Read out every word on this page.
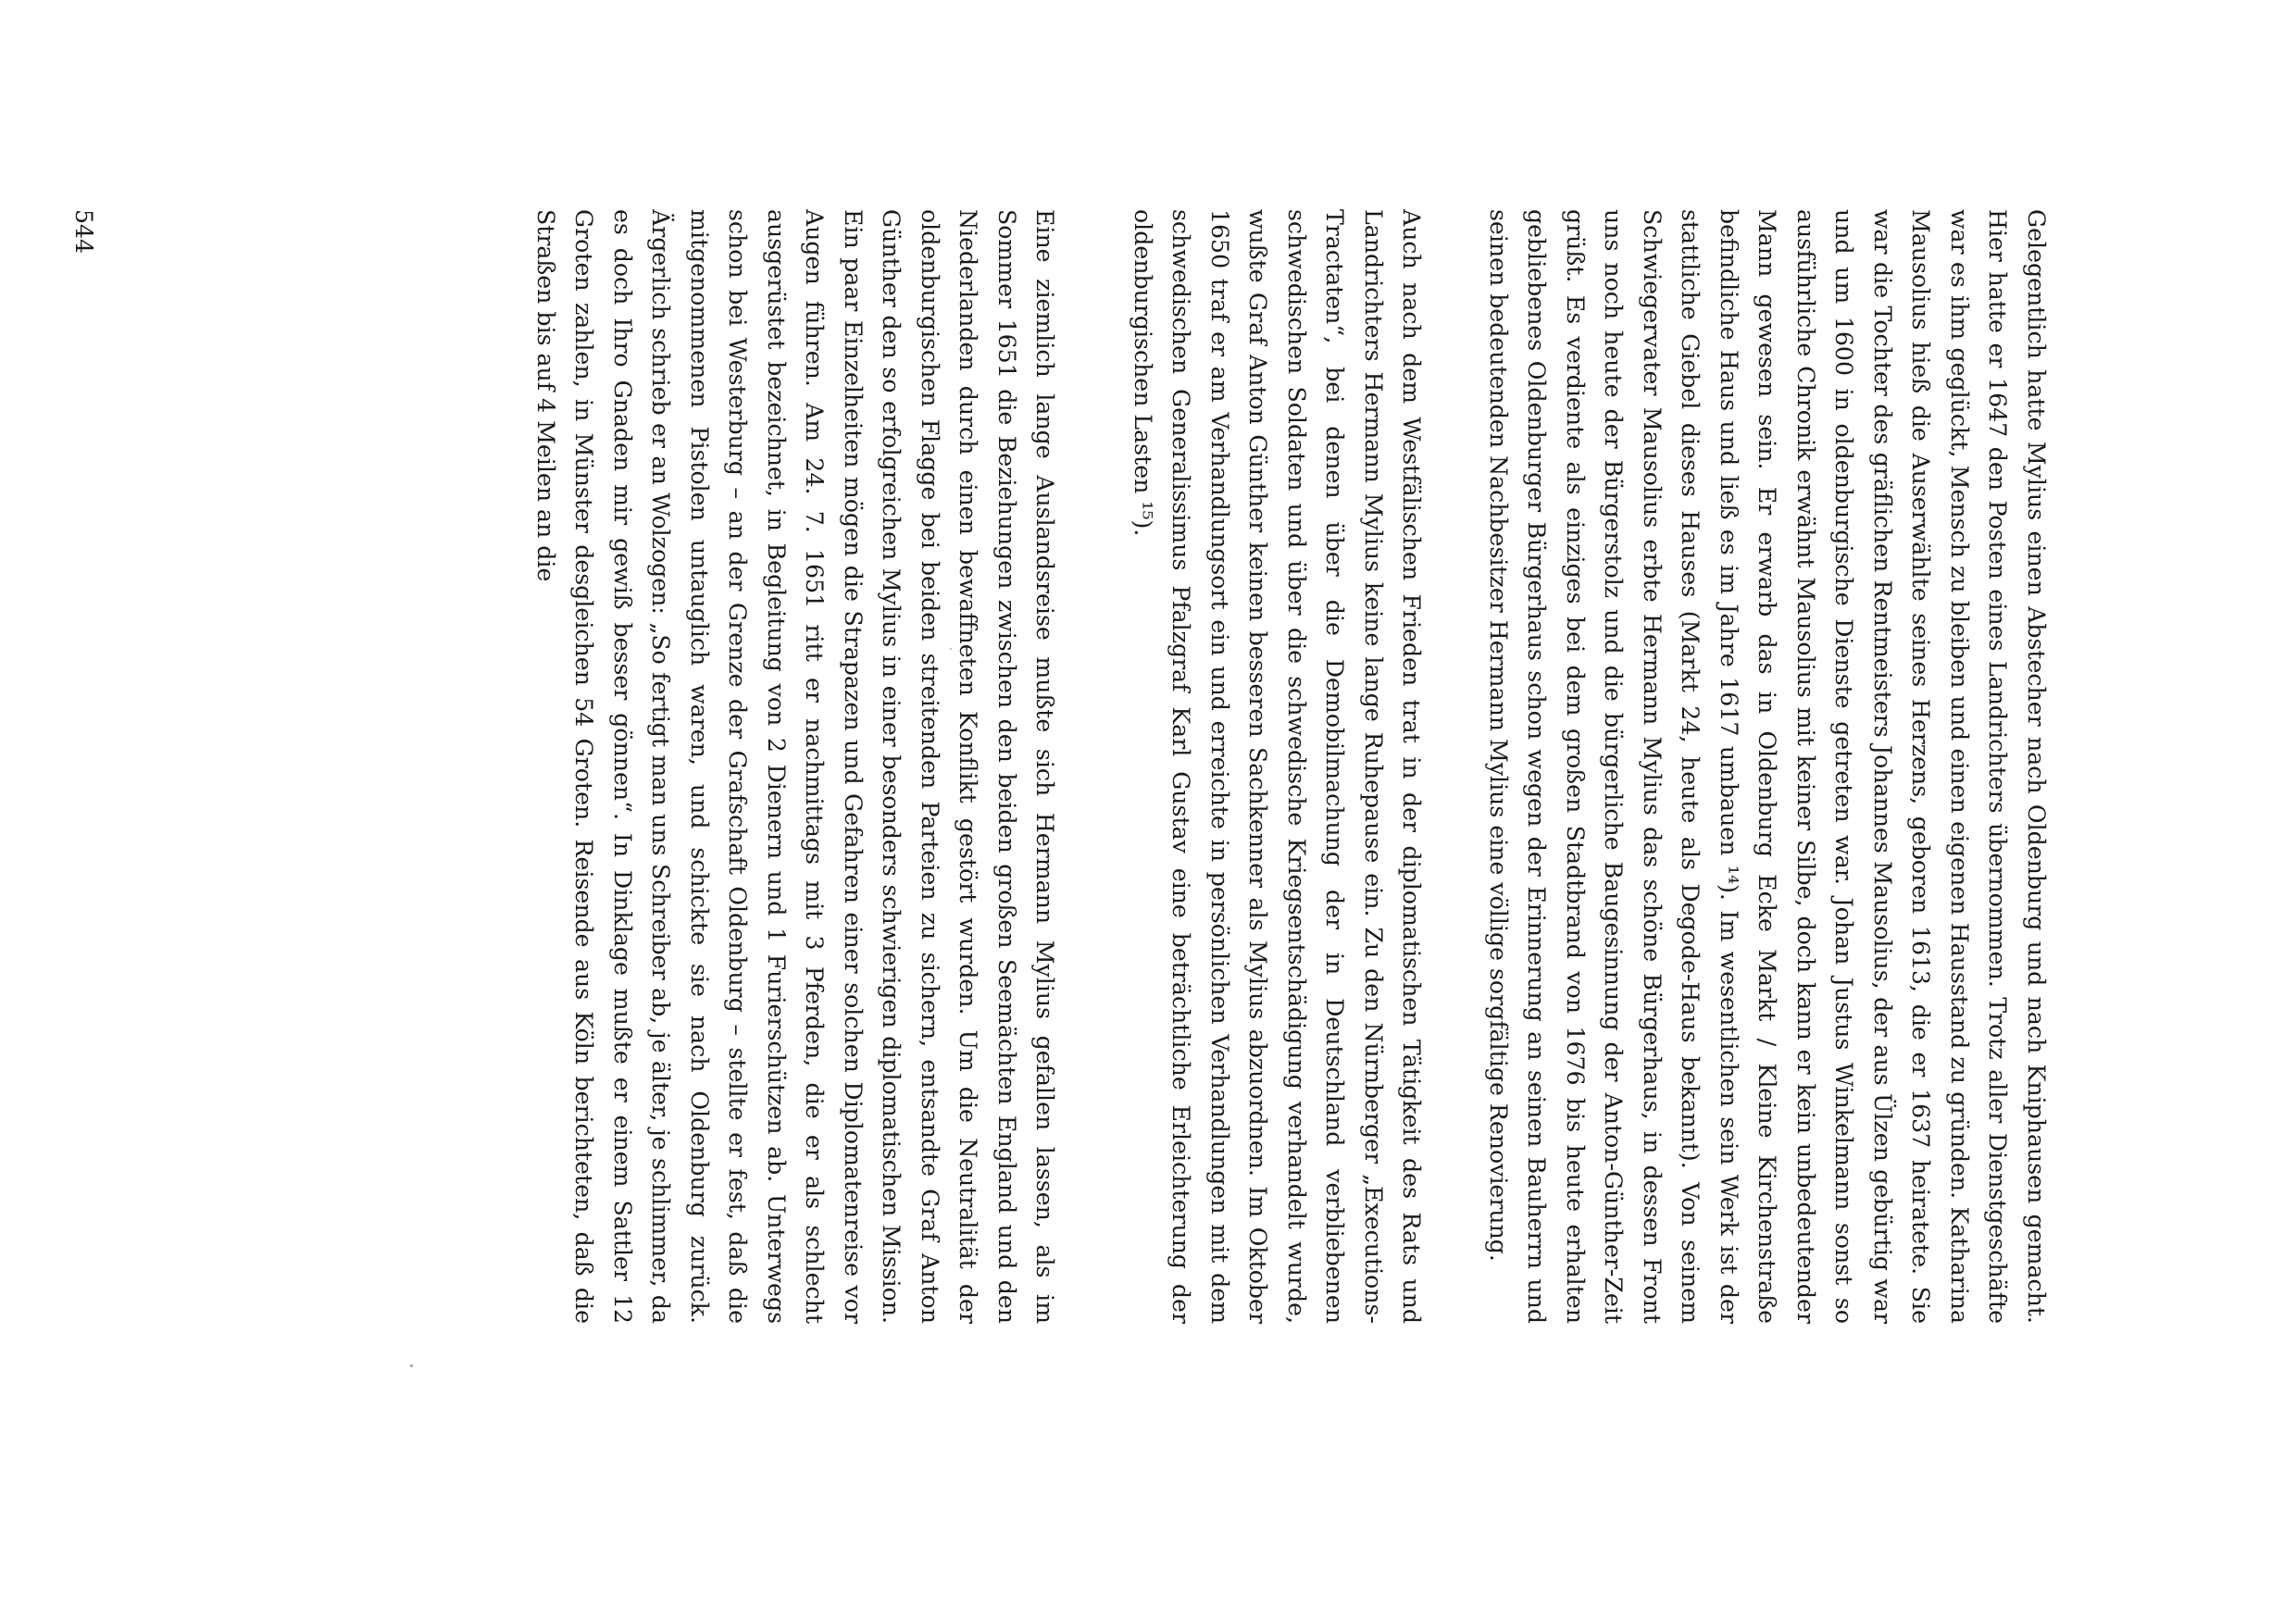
Gelegentlich hatte Mylius einen Abstecher nach Oldenburg und nach Kniphausen gemacht. Hier hatte er 1647 den Posten eines Landrichters übernommen. Trotz aller Dienstgeschäfte war es ihm geglückt, Mensch zu bleiben und einen eigenen Hausstand zu gründen. Katharina Mausolius hieß die Auserwählte seines Herzens, geboren 1613, die er 1637 heiratete. Sie war die Tochter des gräflichen Rentmeisters Johannes Mausolius, der aus Ülzen gebürtig war und um 1600 in oldenburgische Dienste getreten war. Johan Justus Winkelmann sonst so ausführliche Chronik erwähnt Mausolius mit keiner Silbe, doch kann er kein unbedeutender Mann gewesen sein. Er erwarb das in Oldenburg Ecke Markt / Kleine Kirchenstraße befindliche Haus und ließ es im Jahre 1617 umbauen ¹⁴). Im wesentlichen sein Werk ist der stattliche Giebel dieses Hauses (Markt 24, heute als Degode-Haus bekannt). Von seinem Schwiegervater Mausolius erbte Hermann Mylius das schöne Bürgerhaus, in dessen Front uns noch heute der Bürgerstolz und die bürgerliche Baugesinnung der Anton-Günther-Zeit grüßt. Es verdiente als einziges bei dem großen Stadtbrand von 1676 bis heute erhalten gebliebenes Oldenburger Bürgerhaus schon wegen der Erinnerung an seinen Bauherrn und seinen bedeutenden Nachbesitzer Hermann Mylius eine völlige sorgfältige Renovierung.

Auch nach dem Westfälischen Frieden trat in der diplomatischen Tätigkeit des Rats und Landrichters Hermann Mylius keine lange Ruhepause ein. Zu den Nürnberger „Executions-Tractaten“, bei denen über die Demobilmachung der in Deutschland verbliebenen schwedischen Soldaten und über die schwedische Kriegsentschädigung verhandelt wurde, wußte Graf Anton Günther keinen besseren Sachkenner als Mylius abzuordnen. Im Oktober 1650 traf er am Verhandlungsort ein und erreichte in persönlichen Verhandlungen mit dem schwedischen Generalissimus Pfalzgraf Karl Gustav eine beträchtliche Erleichterung der oldenburgischen Lasten ¹⁵).

Eine ziemlich lange Auslandsreise mußte sich Hermann Mylius gefallen lassen, als im Sommer 1651 die Beziehungen zwischen den beiden großen Seemächten England und den Niederlanden durch einen bewaffneten Konflikt gestört wurden. Um die Neutralität der oldenburgischen Flagge bei beiden streitenden Parteien zu sichern, entsandte Graf Anton Günther den so erfolgreichen Mylius in einer besonders schwierigen diplomatischen Mission. Ein paar Einzelheiten mögen die Strapazen und Gefahren einer solchen Diplomatenreise vor Augen führen. Am 24. 7. 1651 ritt er nachmittags mit 3 Pferden, die er als schlecht ausgerüstet bezeichnet, in Begleitung von 2 Dienern und 1 Furierschützen ab. Unterwegs schon bei Westerburg – an der Grenze der Grafschaft Oldenburg – stellte er fest, daß die mitgenommenen Pistolen untauglich waren, und schickte sie nach Oldenburg zurück. Ärgerlich schrieb er an Wolzogen: „So fertigt man uns Schreiber ab, je älter, je schlimmer, da es doch Ihro Gnaden mir gewiß besser gönnen“. In Dinklage mußte er einem Sattler 12 Groten zahlen, in Münster desgleichen 54 Groten. Reisende aus Köln berichteten, daß die Straßen bis auf 4 Meilen an die

544
